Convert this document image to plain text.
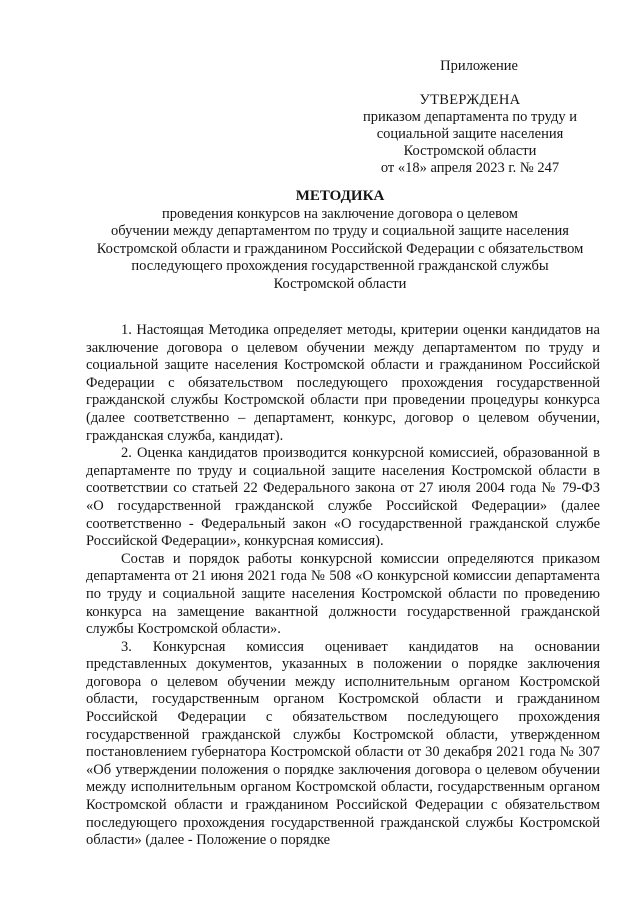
Приложение
УТВЕРЖДЕНА
приказом департамента по труду и
социальной защите населения
Костромской области
от «18» апреля 2023 г. № 247
МЕТОДИКА
проведения конкурсов на заключение договора о целевом
обучении между департаментом по труду и социальной защите населения
Костромской области и гражданином Российской Федерации с обязательством
последующего прохождения государственной гражданской службы
Костромской области

1. Настоящая Методика определяет методы, критерии оценки кандидатов на заключение договора о целевом обучении между департаментом по труду и социальной защите населения Костромской области и гражданином Российской Федерации с обязательством последующего прохождения государственной гражданской службы Костромской области при проведении процедуры конкурса (далее соответственно – департамент, конкурс, договор о целевом обучении, гражданская служба, кандидат).

2. Оценка кандидатов производится конкурсной комиссией, образованной в департаменте по труду и социальной защите населения Костромской области в соответствии со статьей 22 Федерального закона от 27 июля 2004 года № 79-ФЗ «О государственной гражданской службе Российской Федерации» (далее соответственно - Федеральный закон «О государственной гражданской службе Российской Федерации», конкурсная комиссия).

Состав и порядок работы конкурсной комиссии определяются приказом департамента от 21 июня 2021 года № 508 «О конкурсной комиссии департамента по труду и социальной защите населения Костромской области по проведению конкурса на замещение вакантной должности государственной гражданской службы Костромской области».

3. Конкурсная комиссия оценивает кандидатов на основании представленных документов, указанных в положении о порядке заключения договора о целевом обучении между исполнительным органом Костромской области, государственным органом Костромской области и гражданином Российской Федерации с обязательством последующего прохождения государственной гражданской службы Костромской области, утвержденном постановлением губернатора Костромской области от 30 декабря 2021 года № 307 «Об утверждении положения о порядке заключения договора о целевом обучении между исполнительным органом Костромской области, государственным органом Костромской области и гражданином Российской Федерации с обязательством последующего прохождения государственной гражданской службы Костромской области» (далее - Положение о порядке
